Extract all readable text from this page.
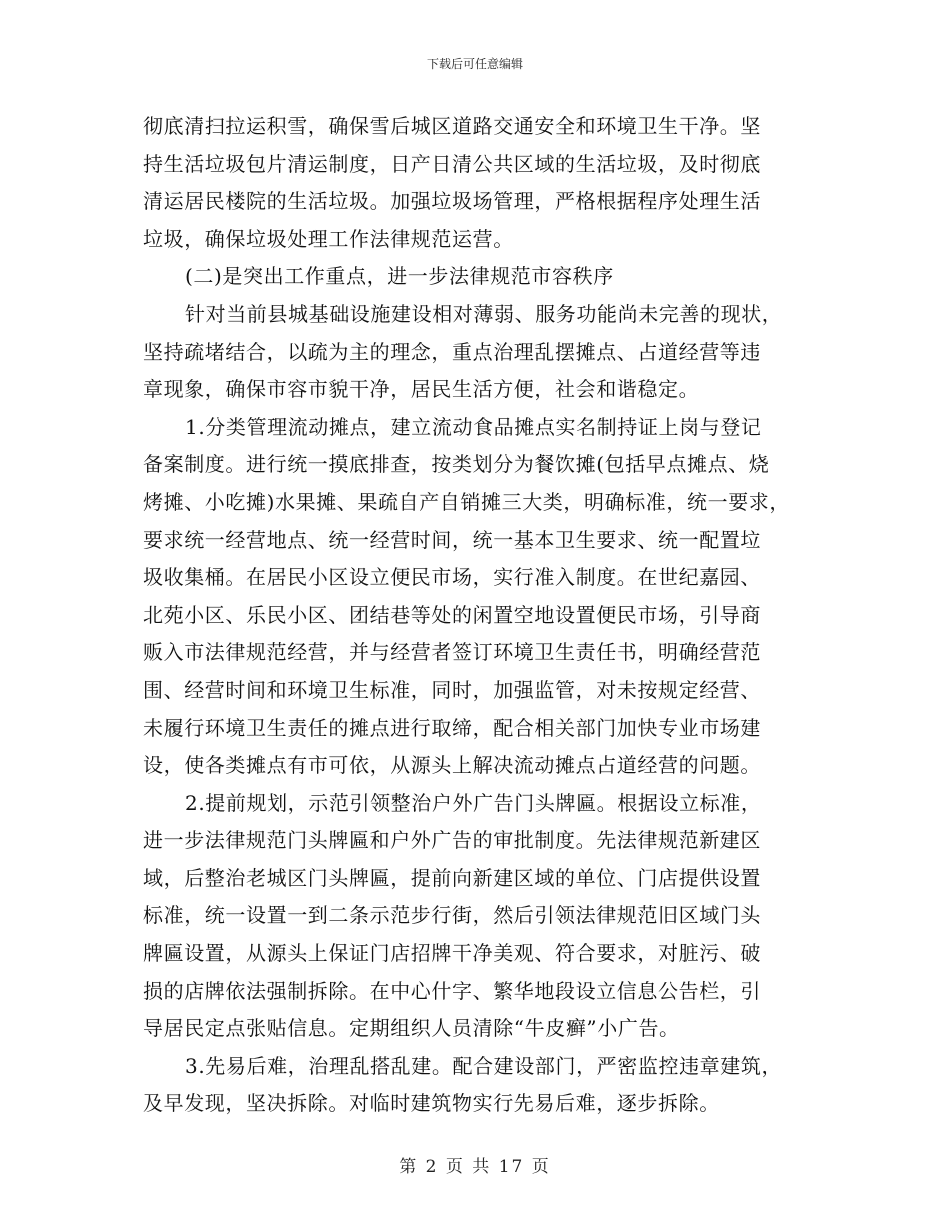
下载后可任意编辑
彻底清扫拉运积雪，确保雪后城区道路交通安全和环境卫生干净。坚
持生活垃圾包片清运制度，日产日清公共区域的生活垃圾，及时彻底
清运居民楼院的生活垃圾。加强垃圾场管理，严格根据程序处理生活
垃圾，确保垃圾处理工作法律规范运营。
(二)是突出工作重点，进一步法律规范市容秩序
针对当前县城基础设施建设相对薄弱、服务功能尚未完善的现状，
坚持疏堵结合，以疏为主的理念，重点治理乱摆摊点、占道经营等违
章现象，确保市容市貌干净，居民生活方便，社会和谐稳定。
1.分类管理流动摊点，建立流动食品摊点实名制持证上岗与登记
备案制度。进行统一摸底排查，按类划分为餐饮摊(包括早点摊点、烧
烤摊、小吃摊)水果摊、果疏自产自销摊三大类，明确标准，统一要求，
要求统一经营地点、统一经营时间，统一基本卫生要求、统一配置垃
圾收集桶。在居民小区设立便民市场，实行准入制度。在世纪嘉园、
北苑小区、乐民小区、团结巷等处的闲置空地设置便民市场，引导商
贩入市法律规范经营，并与经营者签订环境卫生责任书，明确经营范
围、经营时间和环境卫生标准，同时，加强监管，对未按规定经营、
未履行环境卫生责任的摊点进行取缔，配合相关部门加快专业市场建
设，使各类摊点有市可依，从源头上解决流动摊点占道经营的问题。
2.提前规划，示范引领整治户外广告门头牌匾。根据设立标准，
进一步法律规范门头牌匾和户外广告的审批制度。先法律规范新建区
域，后整治老城区门头牌匾，提前向新建区域的单位、门店提供设置
标准，统一设置一到二条示范步行街，然后引领法律规范旧区域门头
牌匾设置，从源头上保证门店招牌干净美观、符合要求，对脏污、破
损的店牌依法强制拆除。在中心什字、繁华地段设立信息公告栏，引
导居民定点张贴信息。定期组织人员清除“牛皮癣”小广告。
3.先易后难，治理乱搭乱建。配合建设部门，严密监控违章建筑，
及早发现，坚决拆除。对临时建筑物实行先易后难，逐步拆除。
第 2 页 共 17 页
